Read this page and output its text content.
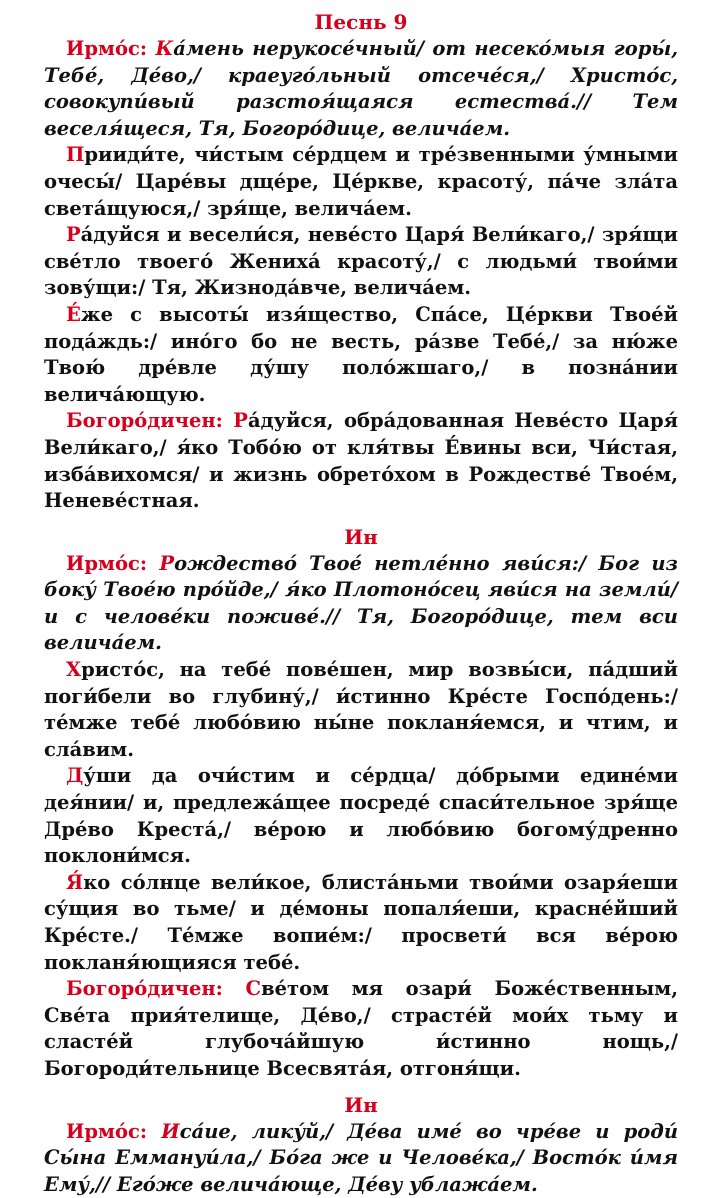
Песнь 9

Ирмо́с: Ка́мень нерукосе́чный/ от несеко́мыя горы́, Тебе́, Де́во,/ краеуго́льный отсече́ся,/ Христо́с, совокупи́вый разстоя́щаяся естества́.// Тем веселя́щеся, Тя, Богоро́дице, велича́ем.

Прииди́те, чи́стым се́рдцем и тре́звенными у́мными очесы́/ Царе́вы дще́ре, Це́ркве, красоту́, па́че зла́та света́щуюся,/ зря́ще, велича́ем.

Ра́дуйся и весели́ся, неве́сто Царя́ Вели́каго,/ зря́щи све́тло твоего́ Жениха́ красоту́,/ с людьми́ твои́ми зову́щи:/ Тя, Жизнода́вче, велича́ем.

Е́же с высоты́ изя́щество, Спа́се, Це́ркви Твое́й пода́ждь:/ ино́го бо не весть, ра́зве Тебе́,/ за ню́же Твою́ дре́вле ду́шу поло́жшаго,/ в позна́нии велича́ющую.

Богоро́дичен: Ра́дуйся, обра́дованная Неве́сто Царя́ Вели́каго,/ я́ко Тобо́ю от кля́твы Е́вины вси, Чи́стая, изба́вихомся/ и жизнь обрето́хом в Рождестве́ Твое́м, Неневе́стная.

Ин

Ирмо́с: Рождество́ Твое́ нетле́нно яви́ся:/ Бог из боку́ Твое́ю про́йде,/ я́ко Плотоно́сец яви́ся на земли́/ и с челове́ки поживе́.// Тя, Богоро́дице, тем вси велича́ем.

Христо́с, на тебе́ пове́шен, мир возвы́си, па́дший поги́бели во глубину́,/ и́стинно Кре́сте Госпо́день:/ те́мже тебе́ любо́вию ны́не покланя́емся, и чтим, и сла́вим.

Ду́ши да очи́стим и се́рдца/ до́брыми едине́ми дея́нии/ и, предлежа́щее посреде́ спаси́тельное зря́ще Дре́во Креста́,/ ве́рою и любо́вию богому́дренно поклони́мся.

Я́ко со́лнце вели́кое, блиста́ньми твои́ми озаря́еши су́щия во тьме/ и де́моны попаля́еши, красне́йший Кре́сте./ Те́мже вопие́м:/ просвети́ вся ве́рою покланя́ющияся тебе́.

Богоро́дичен: Све́том мя озари́ Боже́ственным, Све́та прия́телище, Де́во,/ страсте́й мои́х тьму и сласте́й глубоча́йшую и́стинно нощь,/ Богороди́тельнице Всесвята́я, отгоня́щи.

Ин

Ирмо́с: Иса́ие, лику́й,/ Де́ва име́ во чре́ве и роди́ Сы́на Еммануи́ла,/ Бо́га же и Челове́ка,/ Восто́к и́мя Ему́,// Его́же велича́юще, Де́ву ублажа́ем.
